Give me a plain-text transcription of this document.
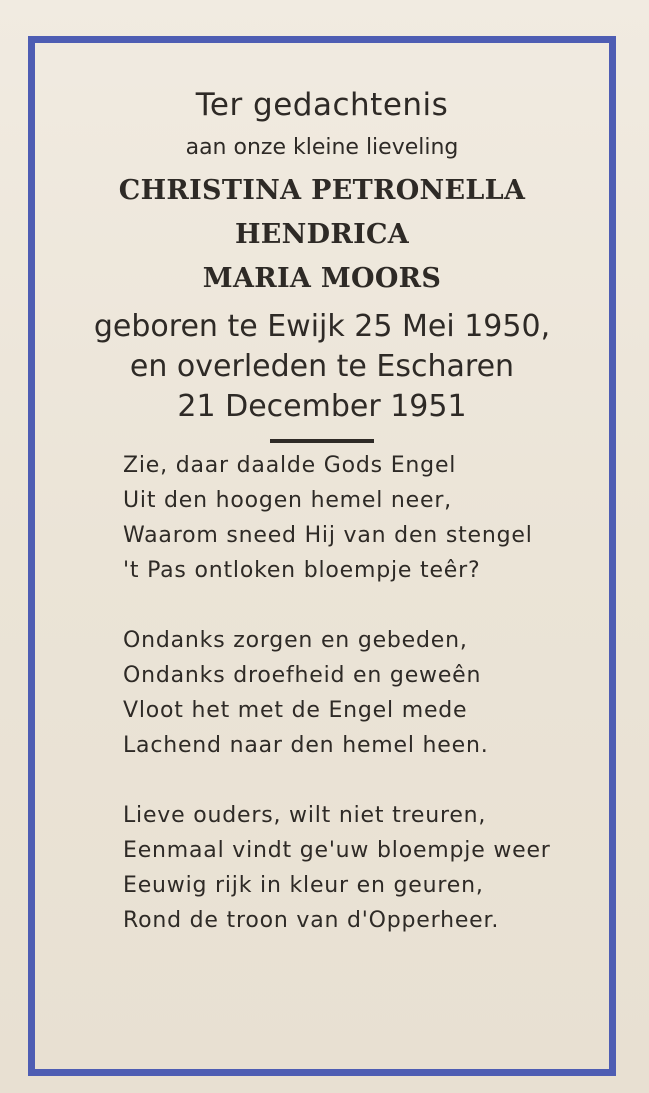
Ter gedachtenis
aan onze kleine lieveling
CHRISTINA PETRONELLA HENDRICA
MARIA MOORS
geboren te Ewijk 25 Mei 1950,
en overleden te Escharen
21 December 1951
Zie, daar daalde Gods Engel
Uit den hoogen hemel neer,
Waarom sneed Hij van den stengel
't Pas ontloken bloempje teêr?
Ondanks zorgen en gebeden,
Ondanks droefheid en geweên
Vloot het met de Engel mede
Lachend naar den hemel heen.
Lieve ouders, wilt niet treuren,
Eenmaal vindt ge'uw bloempje weer
Eeuwig rijk in kleur en geuren,
Rond de troon van d'Opperheer.
